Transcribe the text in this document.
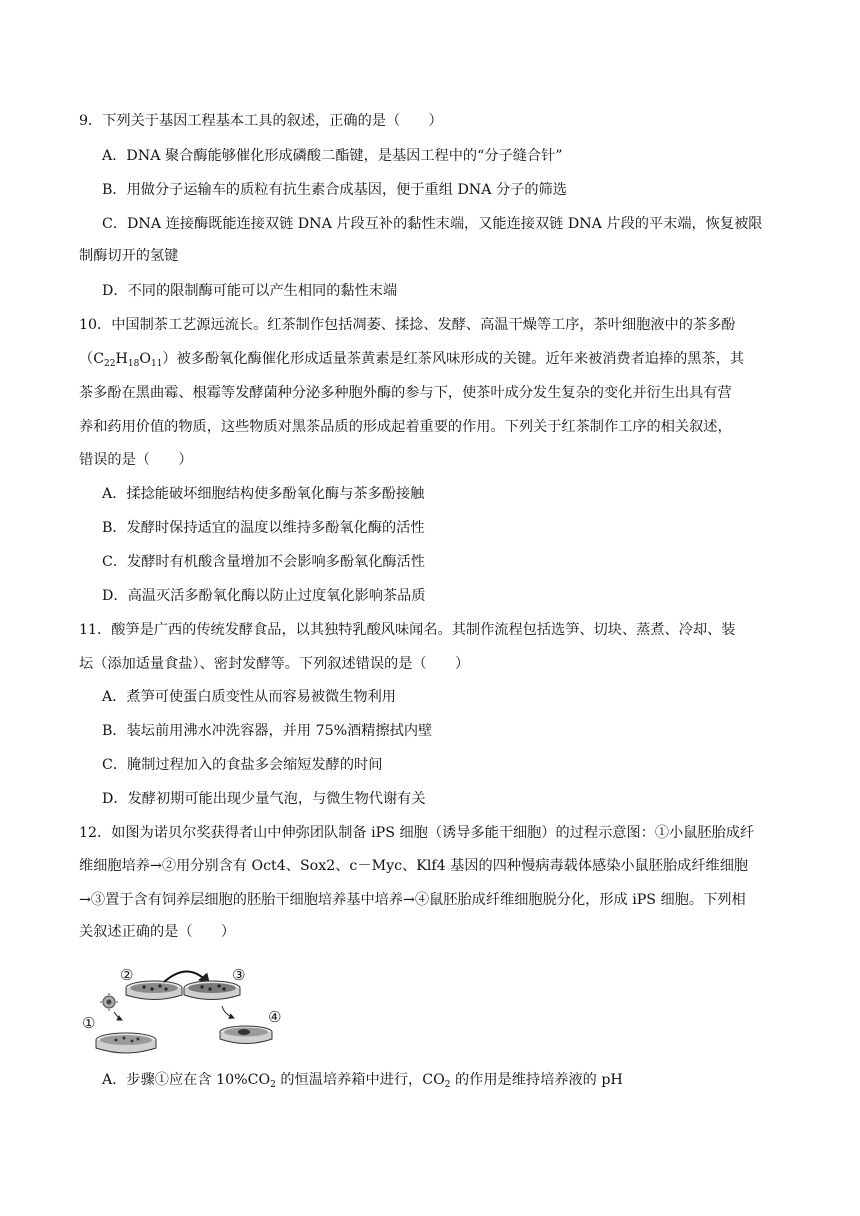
9．下列关于基因工程基本工具的叙述，正确的是（　　）
A．DNA 聚合酶能够催化形成磷酸二酯键，是基因工程中的“分子缝合针”
B．用做分子运输车的质粒有抗生素合成基因，便于重组 DNA 分子的筛选
C．DNA 连接酶既能连接双链 DNA 片段互补的黏性末端，又能连接双链 DNA 片段的平末端，恢复被限
制酶切开的氢键
D．不同的限制酶可能可以产生相同的黏性末端
10．中国制茶工艺源远流长。红茶制作包括凋萎、揉捻、发酵、高温干燥等工序，茶叶细胞液中的茶多酚
$(C_{22}H_{18}O_{11})$被多酚氧化酶催化形成适量茶黄素是红茶风味形成的关键。近年来被消费者追捧的黑茶，其
茶多酚在黑曲霉、根霉等发酵菌种分泌多种胞外酶的参与下，使茶叶成分发生复杂的变化并衍生出具有营
养和药用价值的物质，这些物质对黑茶品质的形成起着重要的作用。下列关于红茶制作工序的相关叙述，
错误的是（　　）
A．揉捻能破坏细胞结构使多酚氧化酶与茶多酚接触
B．发酵时保持适宜的温度以维持多酚氧化酶的活性
C．发酵时有机酸含量增加不会影响多酚氧化酶活性
D．高温灭活多酚氧化酶以防止过度氧化影响茶品质
11．酸笋是广西的传统发酵食品，以其独特乳酸风味闻名。其制作流程包括选笋、切块、蒸煮、冷却、装
坛（添加适量食盐）、密封发酵等。下列叙述错误的是（　　）
A．煮笋可使蛋白质变性从而容易被微生物利用
B．装坛前用沸水冲洗容器，并用 75%酒精擦拭内壁
C．腌制过程加入的食盐多会缩短发酵的时间
D．发酵初期可能出现少量气泡，与微生物代谢有关
12．如图为诺贝尔奖获得者山中伸弥团队制备 iPS 细胞（诱导多能干细胞）的过程示意图：①小鼠胚胎成纤
维细胞培养→②用分别含有 Oct4、Sox2、c－Myc、Klf4 基因的四种慢病毒载体感染小鼠胚胎成纤维细胞
→③置于含有饲养层细胞的胚胎干细胞培养基中培养→④鼠胚胎成纤维细胞脱分化，形成 iPS 细胞。下列相
关叙述正确的是（　　）
①
②	③
④
A．步骤①应在含 $10\%CO_2$ 的恒温培养箱中进行，$CO_2$ 的作用是维持培养液的 pH
